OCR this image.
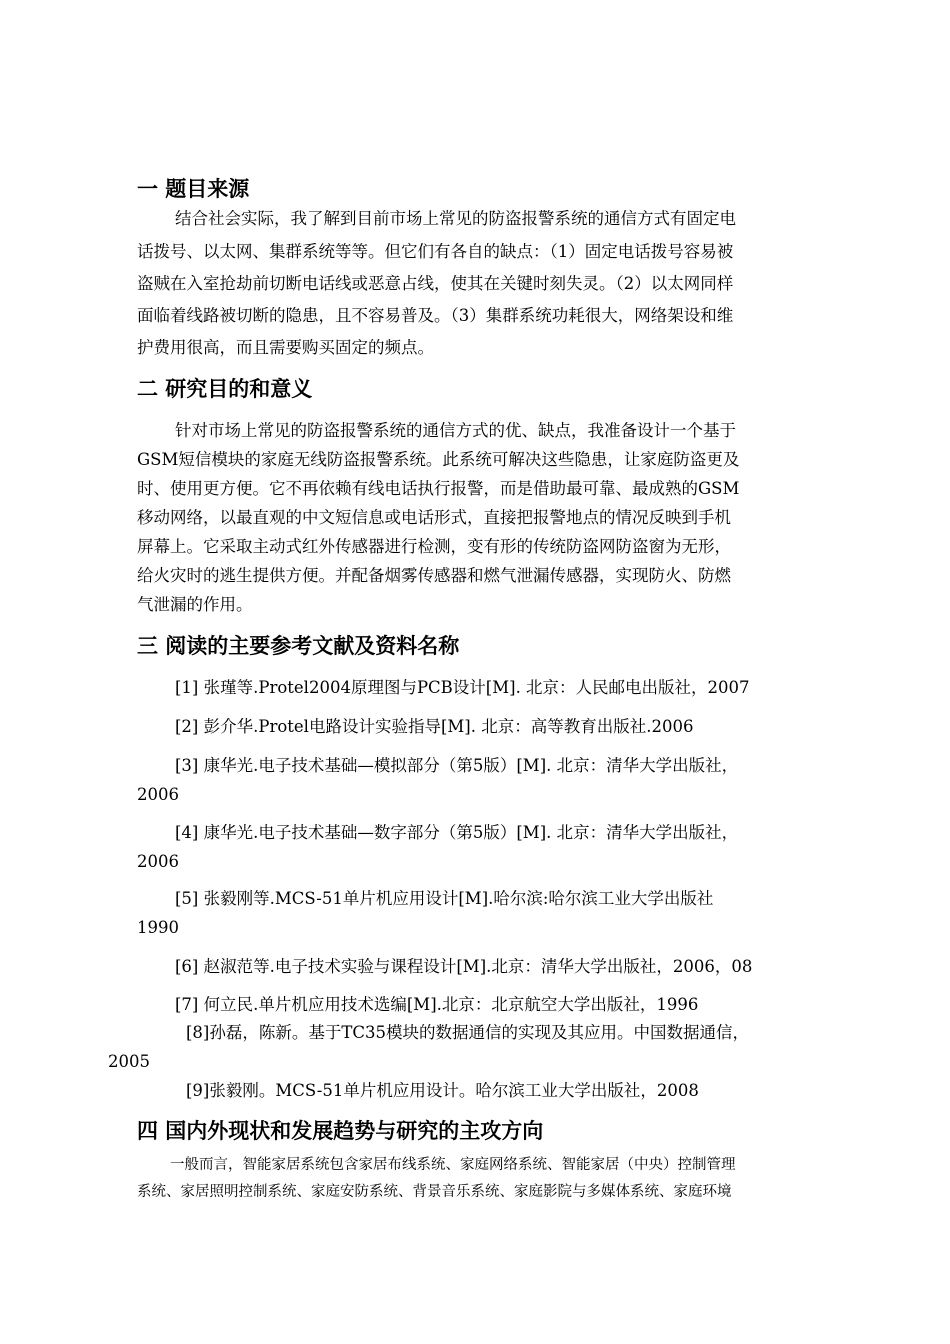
一 题目来源
结合社会实际，我了解到目前市场上常见的防盗报警系统的通信方式有固定电
话拨号、以太网、集群系统等等。但它们有各自的缺点：（1）固定电话拨号容易被
盗贼在入室抢劫前切断电话线或恶意占线，使其在关键时刻失灵。（2）以太网同样
面临着线路被切断的隐患，且不容易普及。（3）集群系统功耗很大，网络架设和维
护费用很高，而且需要购买固定的频点。
二 研究目的和意义
针对市场上常见的防盗报警系统的通信方式的优、缺点，我准备设计一个基于
GSM短信模块的家庭无线防盗报警系统。此系统可解决这些隐患，让家庭防盗更及
时、使用更方便。它不再依赖有线电话执行报警，而是借助最可靠、最成熟的GSM
移动网络，以最直观的中文短信息或电话形式，直接把报警地点的情况反映到手机
屏幕上。它采取主动式红外传感器进行检测，变有形的传统防盗网防盗窗为无形，
给火灾时的逃生提供方便。并配备烟雾传感器和燃气泄漏传感器，实现防火、防燃
气泄漏的作用。
三 阅读的主要参考文献及资料名称
[1] 张瑾等.Protel2004原理图与PCB设计[M]. 北京：人民邮电出版社，2007
[2] 彭介华.Protel电路设计实验指导[M]. 北京：高等教育出版社.2006
[3] 康华光.电子技术基础—模拟部分（第5版）[M]. 北京：清华大学出版社，
2006
[4] 康华光.电子技术基础—数字部分（第5版）[M]. 北京：清华大学出版社，
2006
[5] 张毅刚等.MCS-51单片机应用设计[M].哈尔滨:哈尔滨工业大学出版社
1990
[6] 赵淑范等.电子技术实验与课程设计[M].北京：清华大学出版社，2006，08
[7] 何立民.单片机应用技术选编[M].北京：北京航空大学出版社，1996
[8]孙磊，陈新。基于TC35模块的数据通信的实现及其应用。中国数据通信，
2005
[9]张毅刚。MCS-51单片机应用设计。哈尔滨工业大学出版社，2008
四 国内外现状和发展趋势与研究的主攻方向
一般而言，智能家居系统包含家居布线系统、家庭网络系统、智能家居（中央）控制管理
系统、家居照明控制系统、家庭安防系统、背景音乐系统、家庭影院与多媒体系统、家庭环境
